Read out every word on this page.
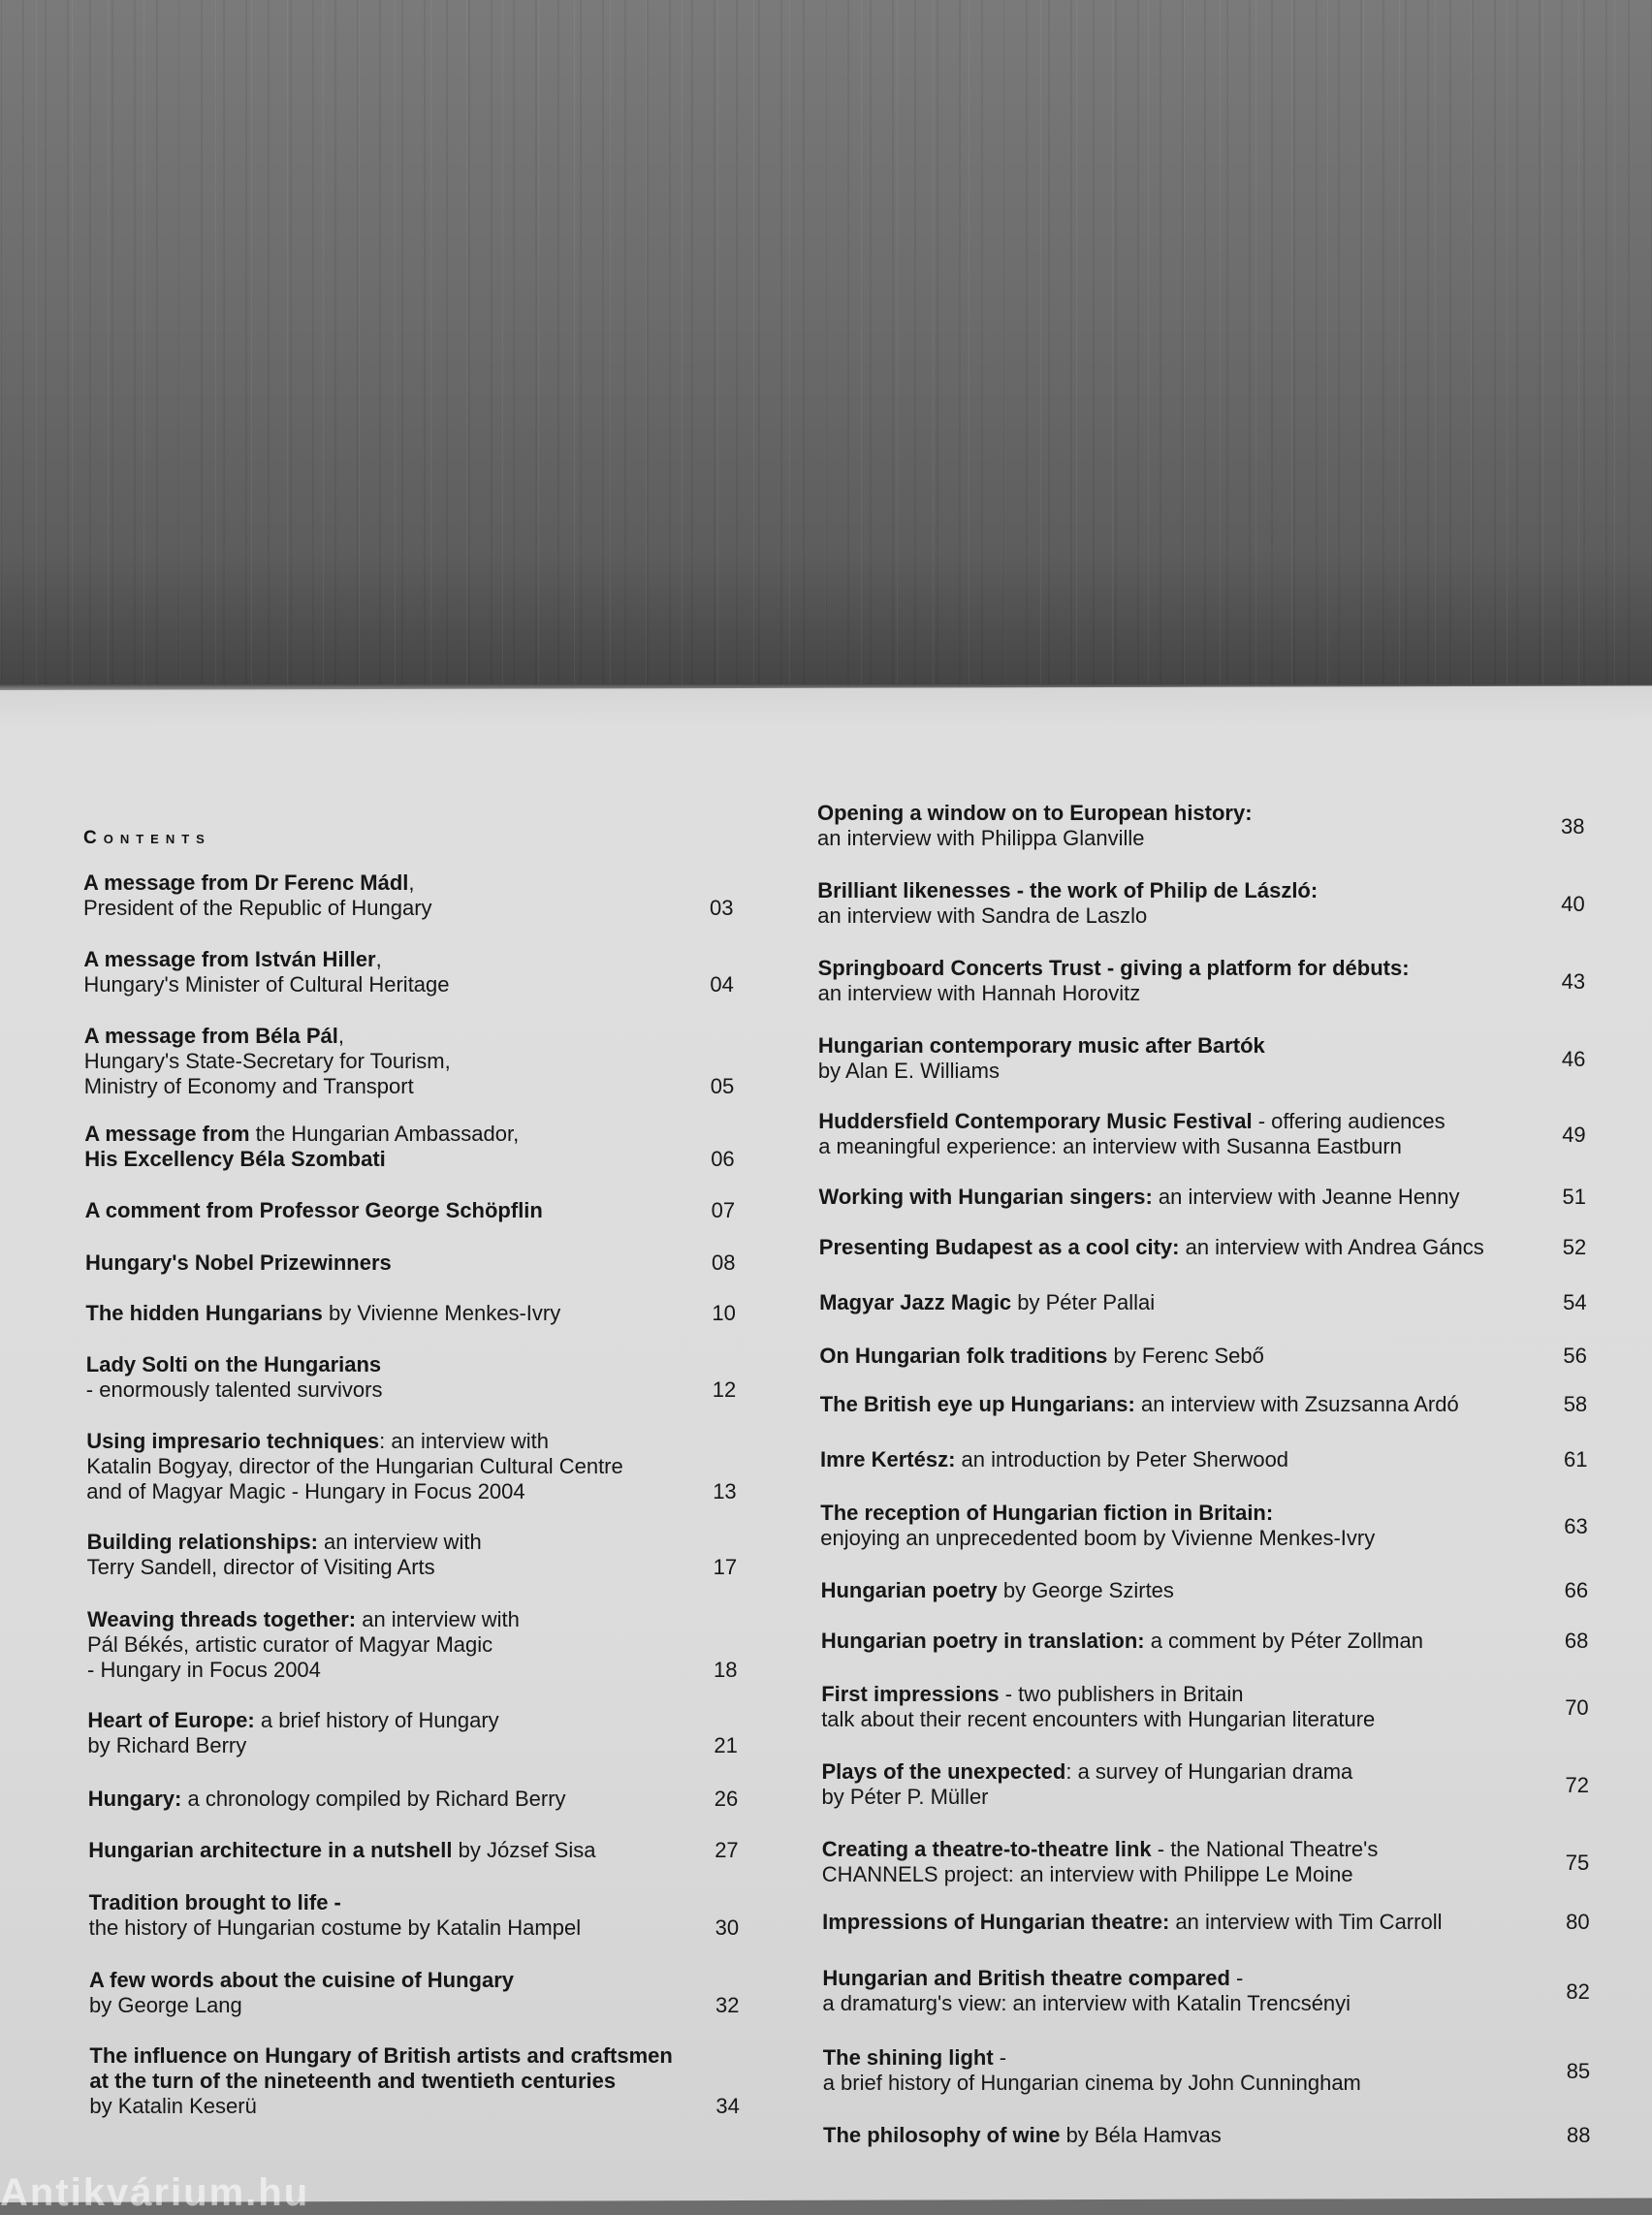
Contents
A message from Dr Ferenc Mádl,
President of the Republic of Hungary	03
A message from István Hiller,
Hungary's Minister of Cultural Heritage	04
A message from Béla Pál,
Hungary's State-Secretary for Tourism,
Ministry of Economy and Transport	05
A message from the Hungarian Ambassador,
His Excellency Béla Szombati	06
A comment from Professor George Schöpflin	07
Hungary's Nobel Prizewinners	08
The hidden Hungarians by Vivienne Menkes-Ivry	10
Lady Solti on the Hungarians
- enormously talented survivors	12
Using impresario techniques: an interview with
Katalin Bogyay, director of the Hungarian Cultural Centre
and of Magyar Magic - Hungary in Focus 2004	13
Building relationships: an interview with
Terry Sandell, director of Visiting Arts	17
Weaving threads together: an interview with
Pál Békés, artistic curator of Magyar Magic
- Hungary in Focus 2004	18
Heart of Europe: a brief history of Hungary
by Richard Berry	21
Hungary: a chronology compiled by Richard Berry	26
Hungarian architecture in a nutshell by József Sisa	27
Tradition brought to life -
the history of Hungarian costume by Katalin Hampel	30
A few words about the cuisine of Hungary
by George Lang	32
The influence on Hungary of British artists and craftsmen
at the turn of the nineteenth and twentieth centuries
by Katalin Keserü	34
Opening a window on to European history:
an interview with Philippa Glanville	38
Brilliant likenesses - the work of Philip de László:
an interview with Sandra de Laszlo	40
Springboard Concerts Trust - giving a platform for débuts:
an interview with Hannah Horovitz	43
Hungarian contemporary music after Bartók
by Alan E. Williams	46
Huddersfield Contemporary Music Festival - offering audiences
a meaningful experience: an interview with Susanna Eastburn	49
Working with Hungarian singers: an interview with Jeanne Henny	51
Presenting Budapest as a cool city: an interview with Andrea Gáncs	52
Magyar Jazz Magic by Péter Pallai	54
On Hungarian folk traditions by Ferenc Sebő	56
The British eye up Hungarians: an interview with Zsuzsanna Ardó	58
Imre Kertész: an introduction by Peter Sherwood	61
The reception of Hungarian fiction in Britain:
enjoying an unprecedented boom by Vivienne Menkes-Ivry	63
Hungarian poetry by George Szirtes	66
Hungarian poetry in translation: a comment by Péter Zollman	68
First impressions - two publishers in Britain
talk about their recent encounters with Hungarian literature	70
Plays of the unexpected: a survey of Hungarian drama
by Péter P. Müller	72
Creating a theatre-to-theatre link - the National Theatre's
CHANNELS project: an interview with Philippe Le Moine	75
Impressions of Hungarian theatre: an interview with Tim Carroll	80
Hungarian and British theatre compared -
a dramaturg's view: an interview with Katalin Trencsényi	82
The shining light -
a brief history of Hungarian cinema by John Cunningham	85
The philosophy of wine by Béla Hamvas	88
Antikvárium.hu
